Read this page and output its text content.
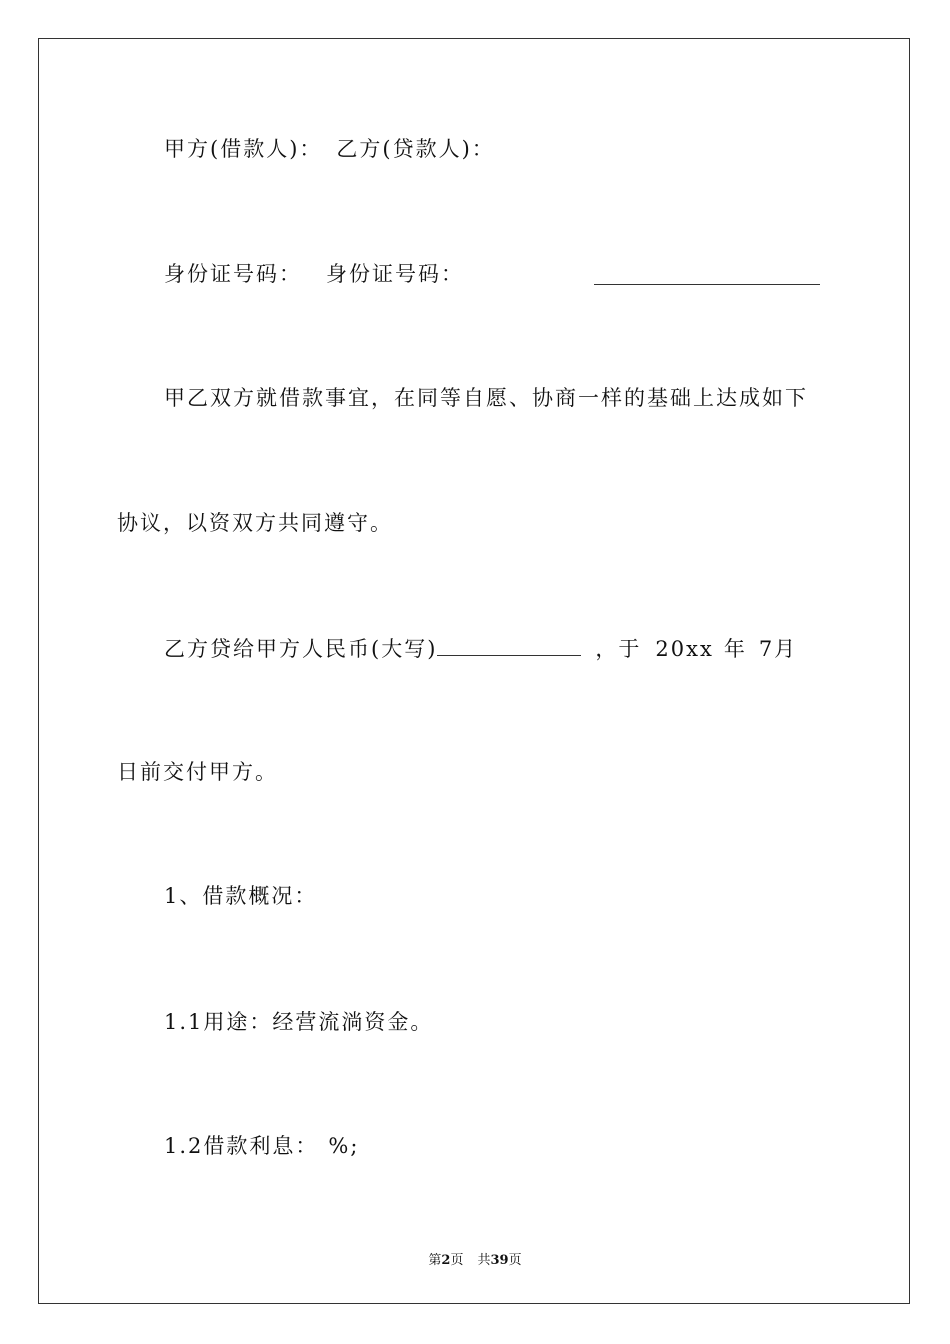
甲方(借款人)： 乙方(贷款人)：
身份证号码： 身份证号码：
甲乙双方就借款事宜，在同等自愿、协商一样的基础上达成如下
协议，以资双方共同遵守。
乙方贷给甲方人民币(大写)	，于 20xx 年 7月
日前交付甲方。
1、借款概况：
1.1用途：经营流淌资金。
1.2借款利息： %;
第2页 共39页
